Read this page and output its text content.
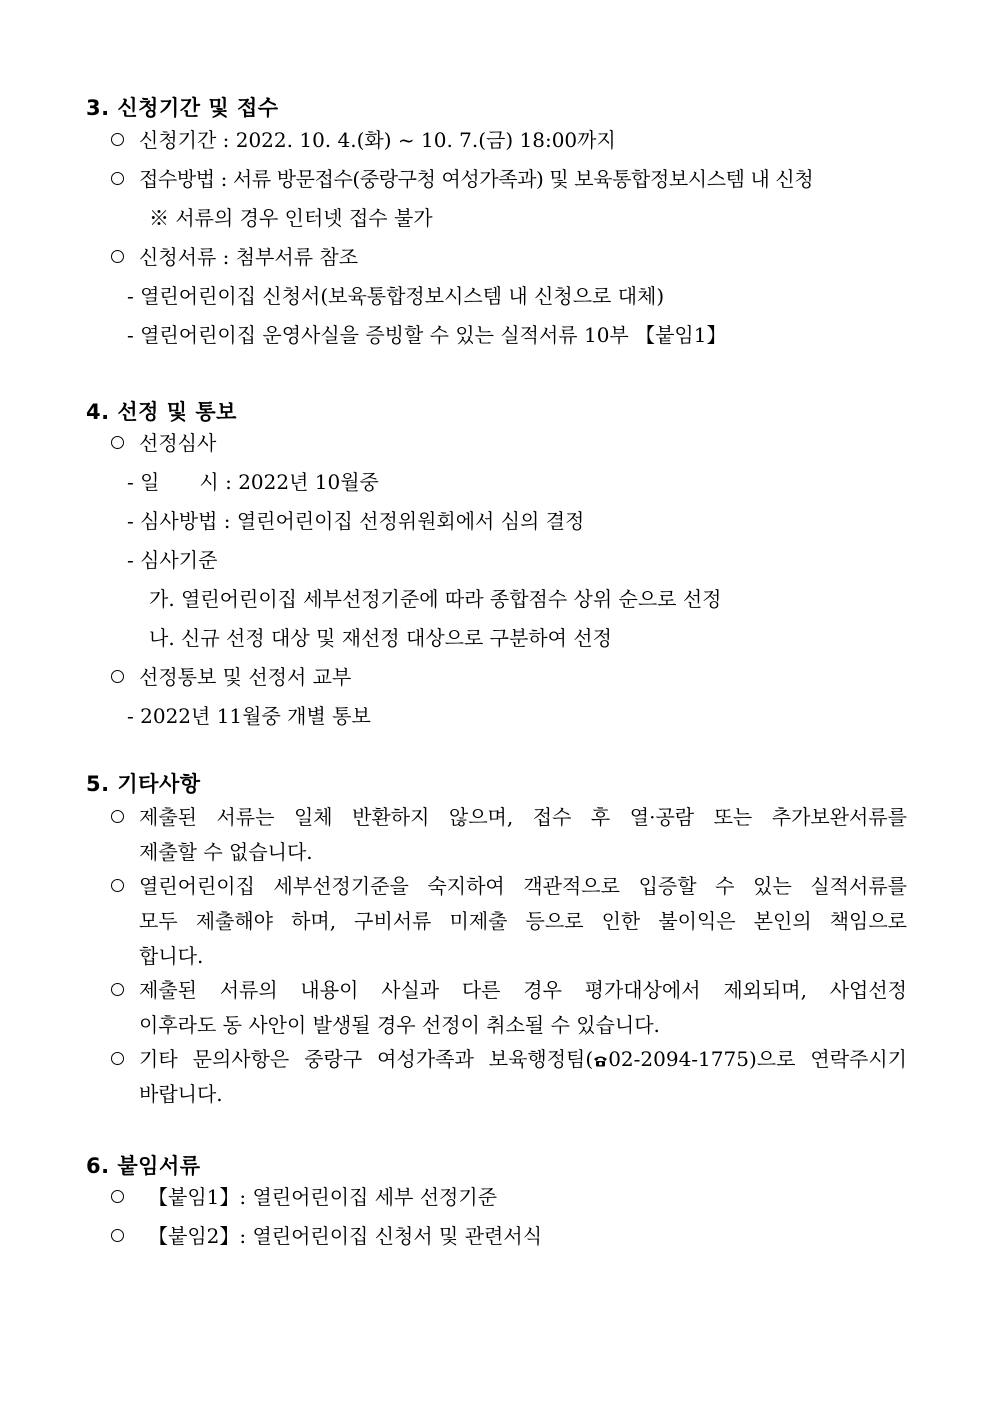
3. 신청기간 및 접수
신청기간 : 2022. 10. 4.(화) ~ 10. 7.(금) 18:00까지
접수방법 : 서류 방문접수(중랑구청 여성가족과) 및 보육통합정보시스템 내 신청
※ 서류의 경우 인터넷 접수 불가
신청서류 : 첨부서류 참조
- 열린어린이집 신청서(보육통합정보시스템 내 신청으로 대체)
- 열린어린이집 운영사실을 증빙할 수 있는 실적서류 10부 【붙임1】
4. 선정 및 통보
선정심사
- 일　　시 : 2022년 10월중
- 심사방법 : 열린어린이집 선정위원회에서 심의 결정
- 심사기준
가. 열린어린이집 세부선정기준에 따라 종합점수 상위 순으로 선정
나. 신규 선정 대상 및 재선정 대상으로 구분하여 선정
선정통보 및 선정서 교부
- 2022년 11월중 개별 통보
5. 기타사항
제출된 서류는 일체 반환하지 않으며, 접수 후 열·공람 또는 추가보완서류를
제출할 수 없습니다.
열린어린이집 세부선정기준을 숙지하여 객관적으로 입증할 수 있는 실적서류를
모두 제출해야 하며, 구비서류 미제출 등으로 인한 불이익은 본인의 책임으로
합니다.
제출된 서류의 내용이 사실과 다른 경우 평가대상에서 제외되며, 사업선정
이후라도 동 사안이 발생될 경우 선정이 취소될 수 있습니다.
기타 문의사항은 중랑구 여성가족과 보육행정팀( 02-2094-1775)으로 연락주시기
바랍니다.
6. 붙임서류
【붙임1】: 열린어린이집 세부 선정기준
【붙임2】: 열린어린이집 신청서 및 관련서식
